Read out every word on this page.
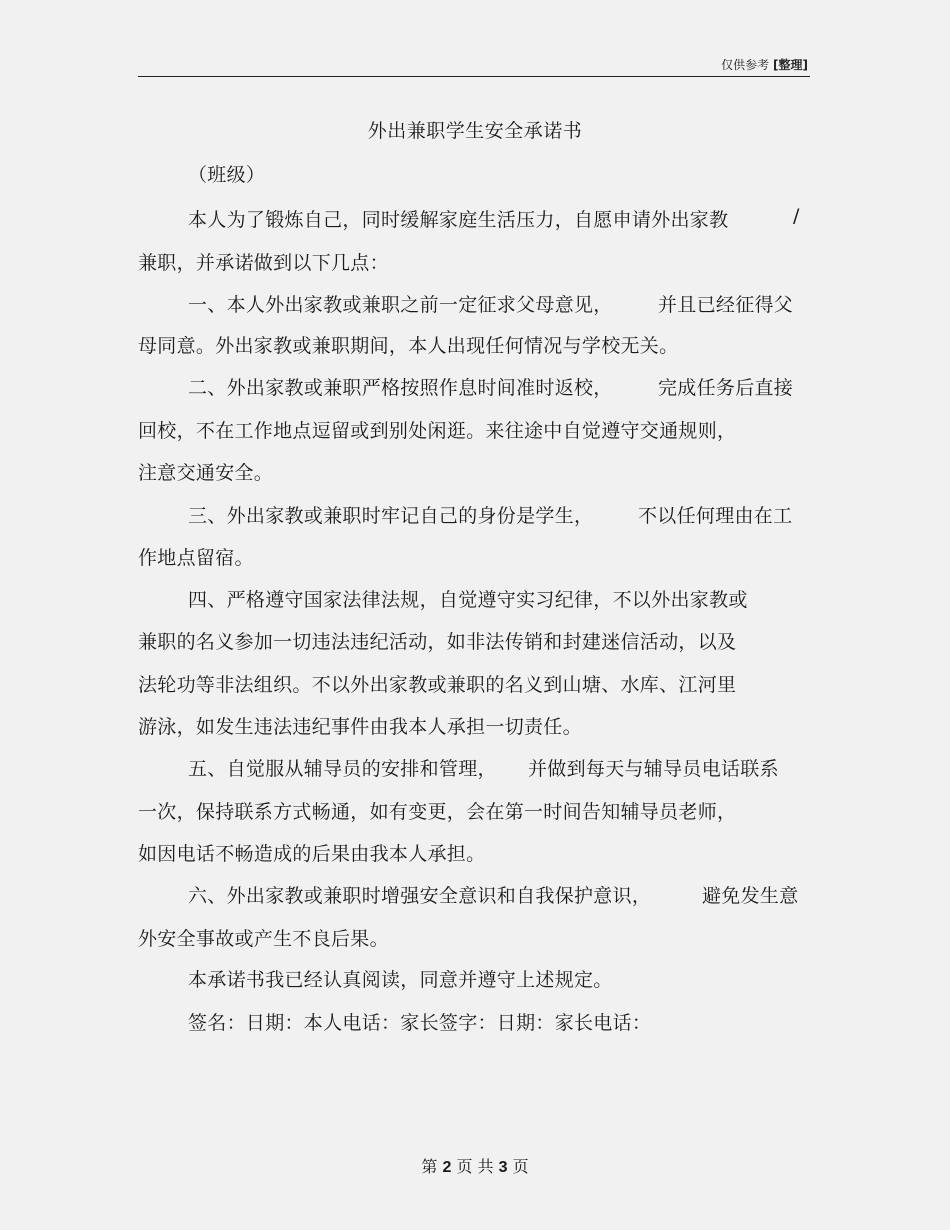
仅供参考 [整理]
外出兼职学生安全承诺书
（班级）
本人为了锻炼自己，同时缓解家庭生活压力，自愿申请外出家教	/
兼职，并承诺做到以下几点：
一、本人外出家教或兼职之前一定征求父母意见， 并且已经征得父
母同意。外出家教或兼职期间，本人出现任何情况与学校无关。
二、外出家教或兼职严格按照作息时间准时返校， 完成任务后直接
回校，不在工作地点逗留或到别处闲逛。来往途中自觉遵守交通规则，
注意交通安全。
三、外出家教或兼职时牢记自己的身份是学生， 不以任何理由在工
作地点留宿。
四、严格遵守国家法律法规，自觉遵守实习纪律，不以外出家教或
兼职的名义参加一切违法违纪活动，如非法传销和封建迷信活动，以及
法轮功等非法组织。不以外出家教或兼职的名义到山塘、水库、江河里
游泳，如发生违法违纪事件由我本人承担一切责任。
五、自觉服从辅导员的安排和管理， 并做到每天与辅导员电话联系
一次，保持联系方式畅通，如有变更，会在第一时间告知辅导员老师，
如因电话不畅造成的后果由我本人承担。
六、外出家教或兼职时增强安全意识和自我保护意识，	避免发生意
外安全事故或产生不良后果。
本承诺书我已经认真阅读，同意并遵守上述规定。
签名：日期：本人电话：家长签字：日期：家长电话：
第 2 页 共 3 页
